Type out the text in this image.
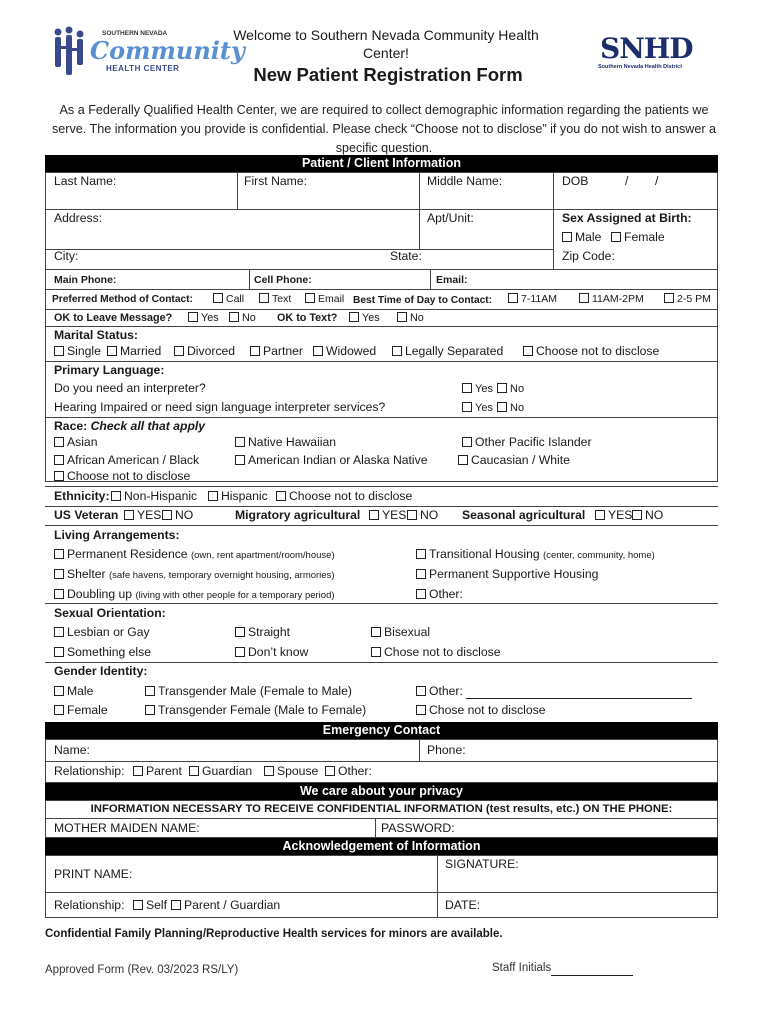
SOUTHERN NEVADA
Community
HEALTH CENTER
Welcome to Southern Nevada Community Health Center!
New Patient Registration Form
SNHD
Southern Nevada Health District
As a Federally Qualified Health Center, we are required to collect demographic information regarding the patients we serve. The information you provide is confidential. Please check “Choose not to disclose” if you do not wish to answer a specific question.
Patient / Client Information
Last Name:	First Name:	Middle Name:	DOB	/ /
Address:	Apt/Unit:	Sex Assigned at Birth:
Male	Female
City:	State:	Zip Code:
Main Phone:	Cell Phone:	Email:
Preferred Method of Contact:	Call	Text	Email Best Time of Day to Contact:	7-11AM	11AM-2PM	2-5 PM
OK to Leave Message?	Yes	No OK to Text?	Yes	No
Marital Status:
Single	Married	Divorced	Partner	Widowed	Legally Separated	Choose not to disclose
Primary Language:
Do you need an interpreter?	Yes	No
Hearing Impaired or need sign language interpreter services?	Yes	No
Race: Check all that apply
Asian	Native Hawaiian	Other Pacific Islander
African American / Black	American Indian or Alaska Native	Caucasian / White
Choose not to disclose
Ethnicity:	Non-Hispanic	Hispanic	Choose not to disclose
US Veteran	YES	NO	Migratory agricultural	YES	NO Seasonal agricultural	YES	NO
Living Arrangements:
Permanent Residence (own, rent apartment/room/house)	Transitional Housing (center, community, home)
Shelter (safe havens, temporary overnight housing, armories)	Permanent Supportive Housing
Doubling up (living with other people for a temporary period)	Other:
Sexual Orientation:
Lesbian or Gay	Straight	Bisexual
Something else	Don’t know	Chose not to disclose
Gender Identity:
Male	Transgender Male (Female to Male)	Other:
Female	Transgender Female (Male to Female)	Chose not to disclose
Emergency Contact
Name:	Phone:
Relationship:	Parent	Guardian	Spouse	Other:
We care about your privacy
INFORMATION NECESSARY TO RECEIVE CONFIDENTIAL INFORMATION (test results, etc.) ON THE PHONE:
MOTHER MAIDEN NAME:	PASSWORD:
Acknowledgement of Information
PRINT NAME:
SIGNATURE:
Relationship:	Self	Parent / Guardian	DATE:
Confidential Family Planning/Reproductive Health services for minors are available.
Approved Form (Rev. 03/2023 RS/LY)	Staff Initials
